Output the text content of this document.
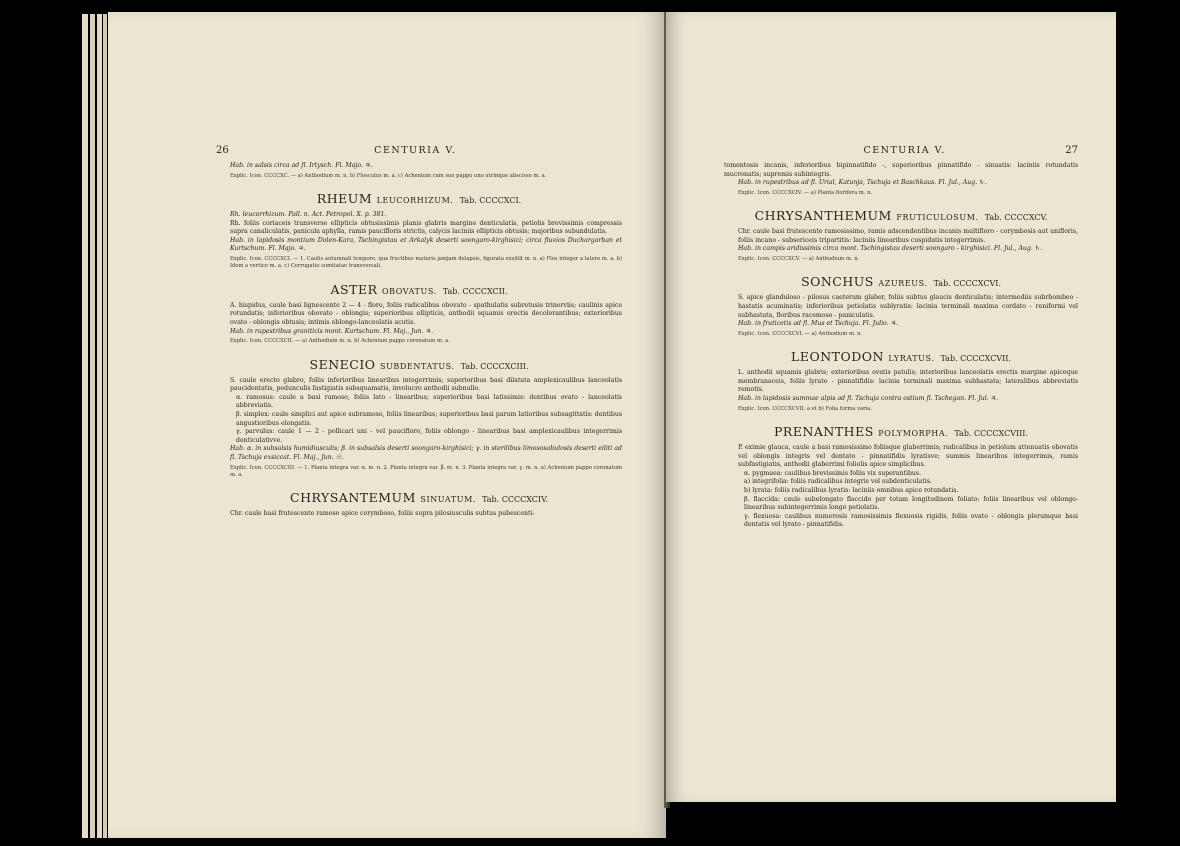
26	CENTURIA V.

Hab. in salsis circa ad fl. Irtysch. Fl. Majo. ♃.

Explic. Icon. CCCCXC. — a) Anthodium m. n. b) Flosculus m. a. c) Achenium cum suo pappo uno utrinque abscisso m. a.

RHEUM LEUCORHIZUM. Tab. CCCCXCI.

Rh. leucorrhizum. Pall. n. Act. Petropol. X. p. 381.

Rh. foliis coriaceis transverse ellipticis obtusissimis planis glabris margine denticulatis, petiolis brevissimis compressis supra canaliculatis, panicula aphylla, ramis paucifloris strictis, calycis laciniis ellipticis obtusis; majoribus subundulatis.

Hab. in lapidosis montium Dolen-Kara, Tschingistau et Arkalyk deserti soongaro-kirghisici; circa fluvios Duchargarban et Kurtschum. Fl. Majo. ♃.

Explic. Icon. CCCCXCI. — 1. Caulis autumnali tempore, qua fructibus maturis jamjam delapsis, figurata exsiliit m. n. a) Flos integer a latere m. a. b) Idem a vertice m. a. c) Corrugatio sumitatae transversali.

ASTER OBOVATUS. Tab. CCCCXCII.

A. hispidus, caule basi lignescente 2 — 4 - floro, foliis radicalibus obovato - spathulatis subretusis trinerviis; caulinis apice rotundatis; inferioribus obovato - oblongis; superioribus ellipticis, anthodii squamis erectis decolorantibus; exterioribus ovato - oblongis obtusis; intimis oblongo-lanceolatis acutis.

Hab. in rupestribus graniticis mont. Kurtschum. Fl. Maj., Jun. ♃.

Explic. Icon. CCCCXCII. — a) Anthodium m. n. b) Achenium pappo coronatum m. a.

SENECIO SUBDENTATUS. Tab. CCCCXCIII.

S. caule erecto glabro, foliis inferioribus linearibus integerrimis; superioribus basi dilatata amplexicaulibus lanceolatis paucidentatis, pedunculis fastigiatis subsquamatis, involucro anthodii subnullo.

α. ramosus: caule a basi ramoso, foliis lato - linearibus; superioribus basi latissimis: dentibus ovato - lanceolatis abbreviatis.

β. simplex: caule simplici aut apice subramoso, foliis linearibus; superioribus basi parum latioribus subsagittatis: dentibus angustioribus elongatis.

γ. parvulus: caule 1 — 2 - pollicari uni - vel paucifloro, foliis oblongo - linearibus basi amplexicaulibus integerrimis denticulativve.

Hab. α. in subsalsis humidiusculis; β. in subsalsis deserti soongaro-kirghisici; γ. in sterilibus limososabulosis deserti eiliti ad fl. Tschuja exsiccat. Fl. Maj., Jun. ☉.

Explic. Icon. CCCCXCIII. — 1. Planta integra var. α. m. n. 2. Planta integra var. β. m. n. 3. Planta integra var. γ. m. n. a) Achenium pappo coronatum m. a.

CHRYSANTEMUM SINUATUM. Tab. CCCCXCIV.

Chr. caule basi frutescente ramoso apice corymboso, foliis supra pilosiusculis subtus pubescenti-

CENTURIA V.	27

tomentosis incanis, inferioribus bipinnatifido -, superioribus pinnatifido - sinuatis: laciniis rotundatis mucronatis; supremis subintegris.

Hab. in rupestribus ad fl. Urial, Katunja, Tschuja et Baschkaus. Fl. Jul., Aug. ♄.

Explic. Icon. CCCCXCIV. — a) Planta florifera m. n.

CHRYSANTHEMUM FRUTICULOSUM. Tab. CCCCXCV.

Chr. caule basi frutescente ramosissimo, ramis adscendentibus incanis multifloro - corymbosis aut unifloris, foliis incano - subsericeis tripartitis: laciniis linearibus cuspidatis integerrimis.

Hab. in campis aridissimis circa mont. Tschingistau deserti soongaro - kirghisici. Fl. Jul., Aug. ♄.

Explic. Icon. CCCCXCV. — a) Anthodium m. n.

SONCHUS AZUREUS. Tab. CCCCXCVI.

S. apice glanduloso - pilosus caeterum glaber, foliis subtus glaucis denticulatis; intermediis subrhombeo - hastatis acuminatis; inferioribus petiolatis sublyratis: lacinia terminali maxima cordato - reniformi vel subhastata, floribus racemoso - paniculatis.

Hab. in fruticetis ad fl. Mus et Tschuja. Fl. Julio. ♃.

Explic. Icon. CCCCXCVI. — a) Anthodium m. n.

LEONTODON LYRATUS. Tab. CCCCXCVII.

L. anthodii squamis glabris; exterioribus ovatis patulis; interioribus lanceolatis erectis margine apiceque membranaceis, foliis lyrato - pinnatifidis: lacinia terminali maxima subhastata; lateralibus abbreviatis remotis.

Hab. in lapidosis summae alpis ad fl. Tschuja contra ostium fl. Tschegan. Fl. Jul. ♃.

Explic. Icon. CCCCXCVII. a et b) Folia forma varia.

PRENANTHES POLYMORPHA. Tab. CCCCXCVIII.

P. eximie glauca, caule a basi ramosissimo foliisque glaberrimis; radicalibus in petiolum attenuatis obovatis vel oblongis integris vel dentato - pinnatifidis lyratisve; summis linearibus integerrimis, ramis subfastigiatis, anthodii glaberrimi foliolis apice simplicibus.

α. pygmaea: caulibus brevissimis foliis vix superantibus.

a) integrifolia: foliis radicalibus integris vel subdenticulatis.

b) lyrata: foliis radicalibus lyratis: laciniis omnibus apice rotundatis.

β. flaccida: caule subelongato flaccido per totam longitudinem foliato: foliis linearibus vel oblongo-linearibus subintegerrimis longe petiolatis.

γ. flexuosa: caulibus numerosis ramosissimis flexuosis rigidis, foliis ovato - oblongis plerumque basi dentatis vel lyrato - pinnatifidis.
